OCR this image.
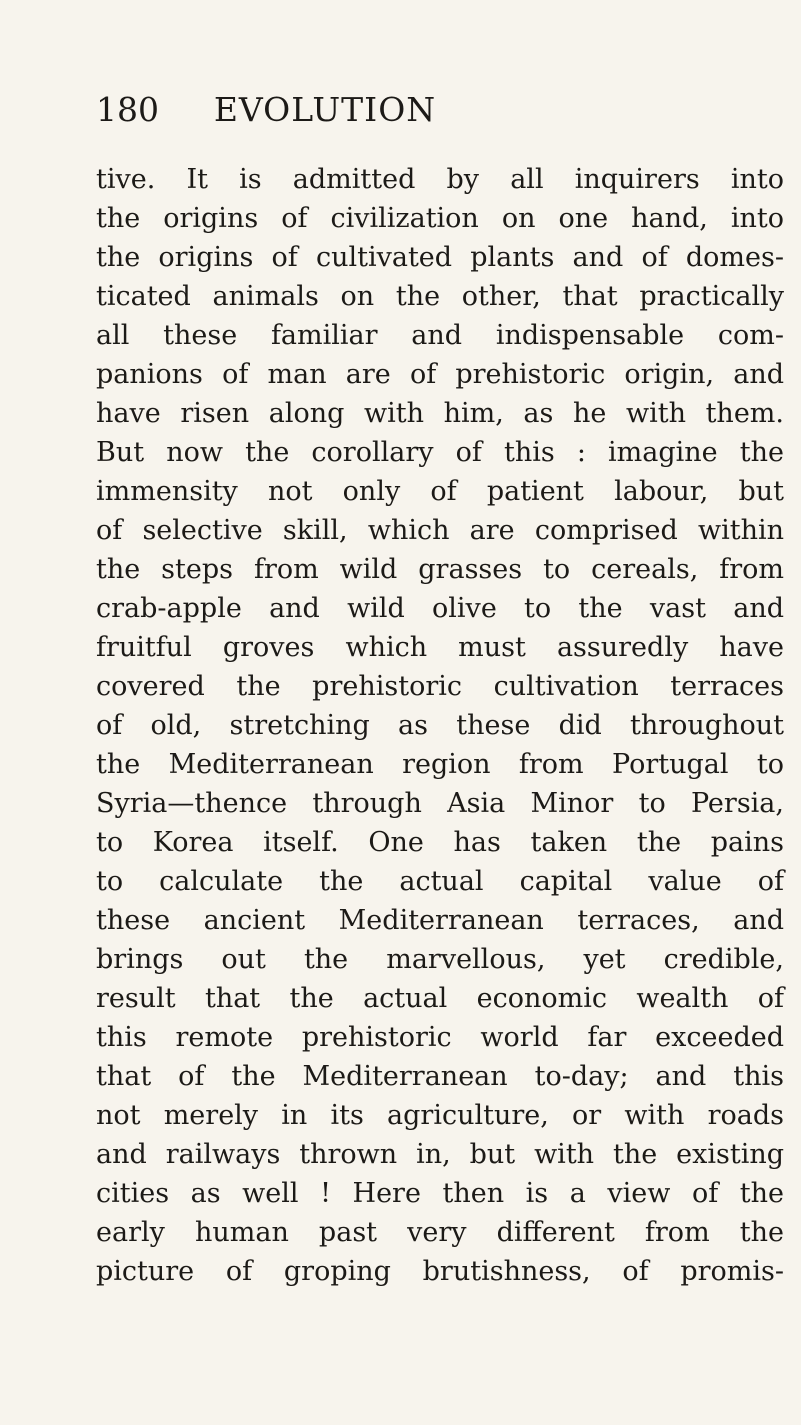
180	EVOLUTION
tive. It is admitted by all inquirers into
the origins of civilization on one hand, into
the origins of cultivated plants and of domes-
ticated animals on the other, that practically
all these familiar and indispensable com-
panions of man are of prehistoric origin, and
have risen along with him, as he with them.
But now the corollary of this : imagine the
immensity not only of patient labour, but
of selective skill, which are comprised within
the steps from wild grasses to cereals, from
crab-apple and wild olive to the vast and
fruitful groves which must assuredly have
covered the prehistoric cultivation terraces
of old, stretching as these did throughout
the Mediterranean region from Portugal to
Syria—thence through Asia Minor to Persia,
to Korea itself. One has taken the pains
to calculate the actual capital value of
these ancient Mediterranean terraces, and
brings out the marvellous, yet credible,
result that the actual economic wealth of
this remote prehistoric world far exceeded
that of the Mediterranean to-day; and this
not merely in its agriculture, or with roads
and railways thrown in, but with the existing
cities as well ! Here then is a view of the
early human past very different from the
picture of groping brutishness, of promis-
